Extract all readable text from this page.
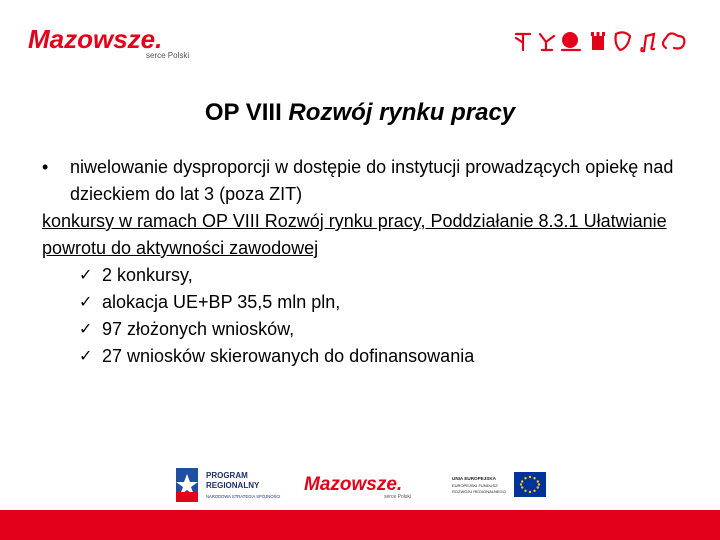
Mazowsze.
serce Polski
OP VIII Rozwój rynku pracy
• niwelowanie dysproporcji w dostępie do instytucji prowadzących opiekę nad dzieckiem do lat 3 (poza ZIT)

konkursy w ramach OP VIII Rozwój rynku pracy, Poddziałanie 8.3.1 Ułatwianie powrotu do aktywności zawodowej

✓ 2 konkursy,
✓ alokacja UE+BP 35,5 mln pln,
✓ 97 złożonych wniosków,
✓ 27 wniosków skierowanych do dofinansowania
PROGRAM
REGIONALNY
NARODOWA STRATEGIA SPÓJNOŚCI
Mazowsze.
serce Polski
UNIA EUROPEJSKA
EUROPEJSKI FUNDUSZ
ROZWOJU REGIONALNEGO
